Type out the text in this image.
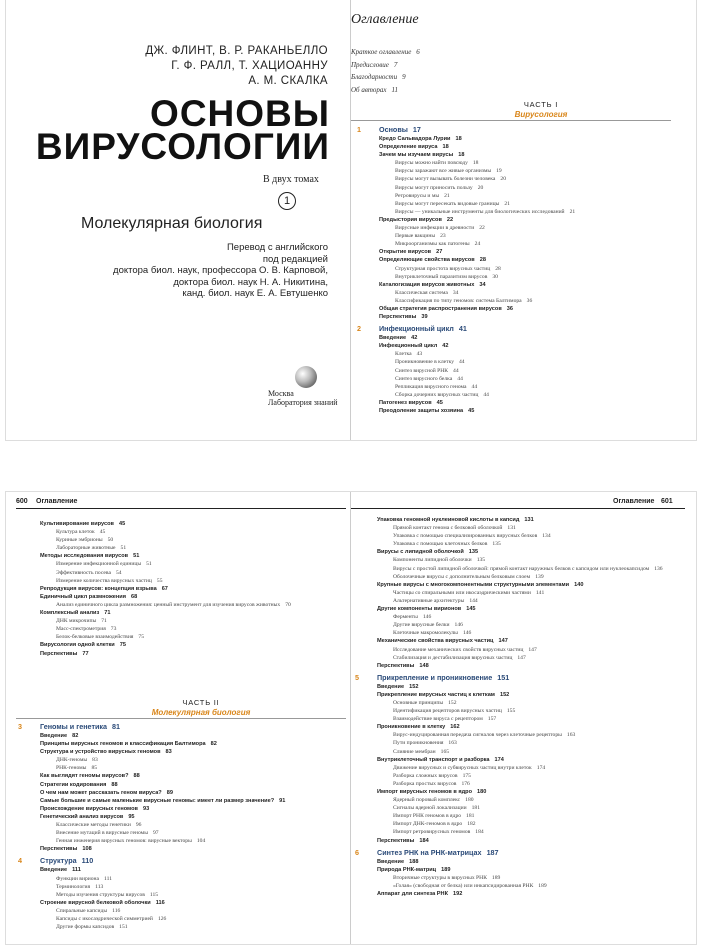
ДЖ. ФЛИНТ, В. Р. РАКАНЬЕЛЛО
Г. Ф. РАЛЛ, Т. ХАЦИОАННУ
А. М. СКАЛКА
ОСНОВЫ
ВИРУСОЛОГИИ
В двух томах
1
Молекулярная биология
Перевод с английского
под редакцией
доктора биол. наук, профессора О. В. Карповой,
доктора биол. наук Н. А. Никитина,
канд. биол. наук Е. А. Евтушенко
Москва
Лаборатория знаний
Оглавление
Краткое оглавление 6
Предисловие 7
Благодарности 9
Об авторах 11
ЧАСТЬ I
Вирусология
1	Основы 17
Кредо Сальвадора Лурии 18
Определение вируса 18
Зачем мы изучаем вирусы 18
Вирусы можно найти повсюду 18
Вирусы заражают все живые организмы 19
Вирусы могут вызывать болезни человека 20
Вирусы могут приносить пользу 20
Ретровирусы и мы 21
Вирусы могут пересекать видовые границы 21
Вирусы — уникальные инструменты для биологических исследований 21
Предыстория вирусов 22
Вирусные инфекции в древности 22
Первые вакцины 23
Микроорганизмы как патогены 24
Открытие вирусов 27
Определяющие свойства вирусов 28
Структурная простота вирусных частиц 28
Внутриклеточный паразитизм вирусов 30
Каталогизация вирусов животных 34
Классическая система 34
Классификация по типу геномов: система Балтимора 36
Общая стратегия распространения вирусов 36
Перспективы 39
2	Инфекционный цикл 41
Введение 42
Инфекционный цикл 42
Клетка 43
Проникновение в клетку 44
Синтез вирусной РНК 44
Синтез вирусного белка 44
Репликация вирусного генома 44
Сборка дочерних вирусных частиц 44
Патогенез вирусов 45
Преодоление защиты хозяина 45
600 Оглавление
Культивирование вирусов 45
Культура клеток 45
Куриные эмбрионы 50
Лабораторные животные 51
Методы исследования вирусов 51
Измерение инфекционной единицы 51
Эффективность посева 54
Измерение количества вирусных частиц 55
Репродукция вирусов: концепция взрыва 67
Единичный цикл размножения 68
Анализ единичного цикла размножения: ценный инструмент для изучения вирусов животных 70
Комплексный анализ 71
ДНК микрочипы 71
Масс-спектрометрия 73
Белок-белковые взаимодействия 75
Вирусология одной клетки 75
Перспективы 77
ЧАСТЬ II
Молекулярная биология
3	Геномы и генетика 81
Введение 82
Принципы вирусных геномов и классификация Балтимора 82
Структура и устройство вирусных геномов 83
ДНК-геномы 83
РНК-геномы 85
Как выглядят геномы вирусов? 88
Стратегии кодирования 88
О чем нам может рассказать геном вируса? 89
Самые большие и самые маленькие вирусные геномы: имеет ли размер значение? 91
Происхождение вирусных геномов 93
Генетический анализ вирусов 95
Классические методы генетики 96
Внесение мутаций в вирусные геномы 97
Генная инженерия вирусных геномов: вирусные векторы 104
Перспективы 108
4	Структура 110
Введение 111
Функции вириона 111
Терминология 113
Методы изучения структуры вирусов 115
Строение вирусной белковой оболочки 116
Спиральные капсиды 116
Капсиды с икосаэдрической симметрией 126
Другие формы капсидов 151
Оглавление 601
Упаковка геномной нуклеиновой кислоты в капсид 131
Прямой контакт генома с белковой оболочкой 131
Упаковка с помощью специализированных вирусных белков 134
Упаковка с помощью клеточных белков 135
Вирусы с липидной оболочкой 135
Компоненты липидной оболочки 135
Вирусы с простой липидной оболочкой: прямой контакт наружных белков с капсидом или нуклеокапсидом 136
Оболочечные вирусы с дополнительным белковым слоем 139
Крупные вирусы с многокомпонентными структурными элементами 140
Частицы со спиральными или икосаэдрическими частями 141
Альтернативные архитектуры 144
Другие компоненты вирионов 145
Ферменты 146
Другие вирусные белки 146
Клеточные макромолекулы 146
Механические свойства вирусных частиц 147
Исследование механических свойств вирусных частиц 147
Стабилизация и дестабилизация вирусных частиц 147
Перспективы 148
5	Прикрепление и проникновение 151
Введение 152
Прикрепление вирусных частиц к клеткам 152
Основные принципы 152
Идентификация рецепторов вирусных частиц 155
Взаимодействие вируса с рецептором 157
Проникновение в клетку 162
Вирус-индуцированная передача сигналов через клеточные рецепторы 163
Пути проникновения 163
Слияние мембран 165
Внутриклеточный транспорт и разборка 174
Движение вирусных и субвирусных частиц внутри клеток 174
Разборка сложных вирусов 175
Разборка простых вирусов 176
Импорт вирусных геномов в ядро 180
Ядерный поровый комплекс 180
Сигналы ядерной локализации 181
Импорт РНК геномов в ядро 181
Импорт ДНК-геномов в ядро 182
Импорт ретровирусных геномов 184
Перспективы 184
6	Синтез РНК на РНК-матрицах 187
Введение 188
Природа РНК-матриц 189
Вторичные структуры в вирусных РНК 189
«Голая» (свободная от белка) или инкапсидированная РНК 189
Аппарат для синтеза РНК 192
